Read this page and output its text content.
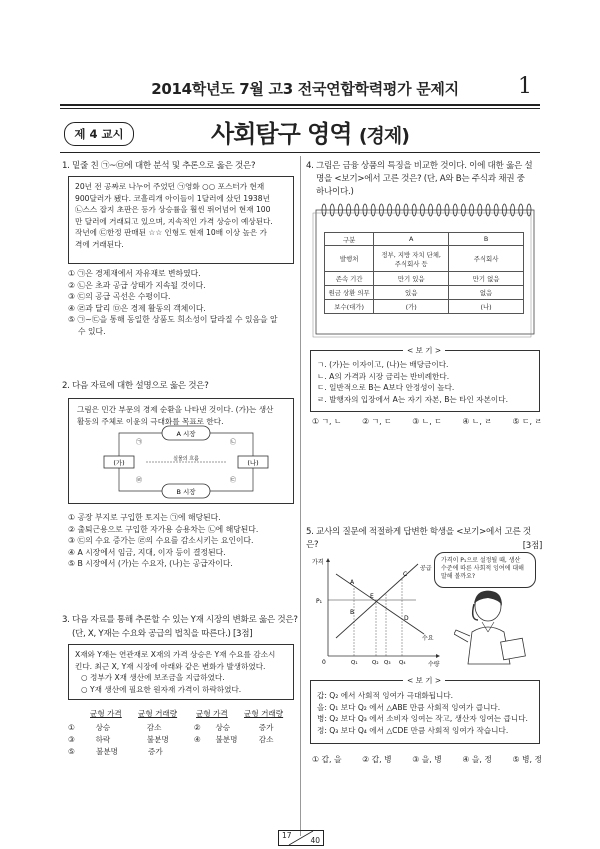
2014학년도 7월 고3 전국연합학력평가 문제지	1
제 4 교시	사회탐구 영역 (경제)
1. 밑줄 친 ㉠~㉤에 대한 분석 및 추론으로 옳은 것은?
20년 전 공짜로 나누어 주었던 ㉠영화 ○○ 포스터가 현재
900달러가 됐다. 코흘리개 아이들이 1달러에 샀던 1938년
㉡스스 잡지 초판은 등가 상승률을 훨씬 뛰어넘어 현재 100
만 달러에 거래되고 있으며, 지속적인 가격 상승이 예상된다.
작년에 ㉢한정 판매된 ☆☆ 인형도 현재 10배 이상 높은 가
격에 거래된다.
① ㉠은 경제재에서 자유재로 변하였다.
② ㉡은 초과 공급 상태가 지속될 것이다.
③ ㉢의 공급 곡선은 수평이다.
④ ㉣과 달리 ㉤은 경제 활동의 객체이다.
⑤ ㉠~㉢을 통해 동일한 상품도 희소성이 달라질 수 있음을 알
수 있다.
2. 다음 자료에 대한 설명으로 옳은 것은?
그림은 민간 부문의 경제 순환을 나타낸 것이다. (가)는 생산
활동의 주체로 이윤의 극대화를 목표로 한다.
A 시장
B 시장
(가)	(나)
실물의 흐름
㉠	㉡
㉢
㉣
① 공장 부지로 구입한 토지는 ㉠에 해당된다.
② 출퇴근용으로 구입한 자가용 승용차는 ㉡에 해당된다.
③ ㉢의 수요 증가는 ㉣의 수요를 감소시키는 요인이다.
④ A 시장에서 임금, 지대, 이자 등이 결정된다.
⑤ B 시장에서 (가)는 수요자, (나)는 공급자이다.
3. 다음 자료를 통해 추론할 수 있는 Y재 시장의 변화로 옳은 것은?
(단, X, Y재는 수요와 공급의 법칙을 따른다.) [3점]
X재와 Y재는 연관재로 X재의 가격 상승은 Y재 수요를 감소시
킨다. 최근 X, Y재 시장에 아래와 같은 변화가 발생하였다.
○ 정부가 X재 생산에 보조금을 지급하였다.
○ Y재 생산에 필요한 원자재 가격이 하락하였다.
균형 가격	균형 거래량	균형 가격	균형 거래량
①	상승	감소	②	상승	증가
③	하락	불분명	④	불분명	감소
⑤	불분명	증가
4. 그림은 금융 상품의 특징을 비교한 것이다. 이에 대한 옳은 설
명을 <보기>에서 고른 것은? (단, A와 B는 주식과 채권 중
하나이다.)
구분	A	B
발행처	정부, 지방 자치 단체,
주식회사 등	주식회사
존속 기간	만기 있음	만기 없음
원금 상환 의무	있음	없음
보수(대가)	(가)	(나)
< 보 기 >
ㄱ. (가)는 이자이고, (나)는 배당금이다.
ㄴ. A의 가격과 시장 금리는 반비례한다.
ㄷ. 일반적으로 B는 A보다 안정성이 높다.
ㄹ. 발행자의 입장에서 A는 자기 자본, B는 타인 자본이다.
① ㄱ, ㄴ	② ㄱ, ㄷ	③ ㄴ, ㄷ	④ ㄴ, ㄹ	⑤ ㄷ, ㄹ
5. 교사의 질문에 적절하게 답변한 학생을 <보기>에서 고른 것은?	[3점]
가격
수량
0
P₁
공급
수요
Q₁	Q₂ Q₃ Q₄
A
B
C
D
E
가격이 P₁으로 설정될 때, 생산
수준에 따른 사회적 잉여에 대해
말해 볼까요?
< 보 기 >
갑: Q₂ 에서 사회적 잉여가 극대화됩니다.
을: Q₁ 보다 Q₂ 에서 △ABE 만큼 사회적 잉여가 큽니다.
병: Q₂ 보다 Q₃ 에서 소비자 잉여는 작고, 생산자 잉여는 큽니다.
정: Q₃ 보다 Q₄ 에서 △CDE 만큼 사회적 잉여가 작습니다.
① 갑, 을	② 갑, 병	③ 을, 병	④ 을, 정	⑤ 병, 정
17
40
